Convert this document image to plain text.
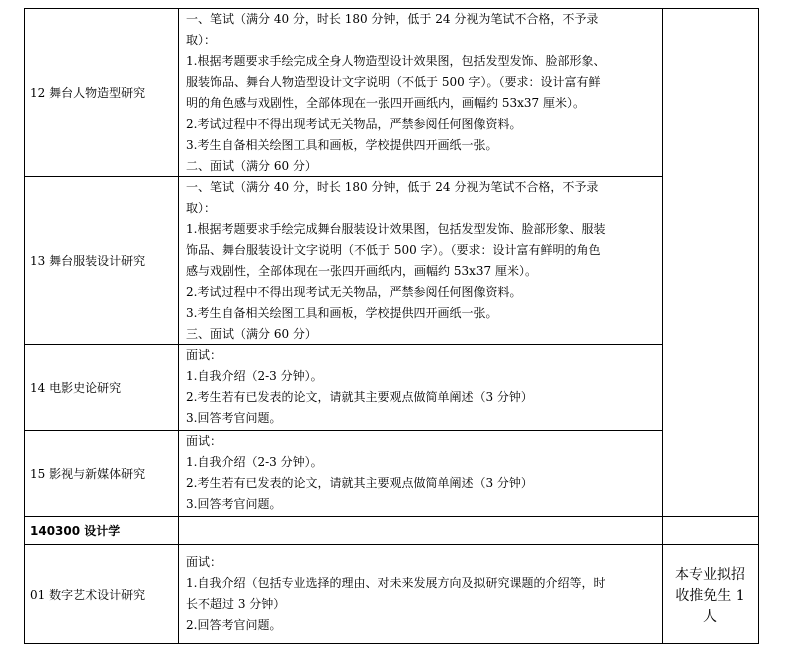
12 舞台人物造型研究
一、笔试（满分 40 分，时长 180 分钟，低于 24 分视为笔试不合格，不予录
取）：
1.根据考题要求手绘完成全身人物造型设计效果图，包括发型发饰、脸部形象、
服装饰品、舞台人物造型设计文字说明（不低于 500 字）。（要求：设计富有鲜
明的角色感与戏剧性，全部体现在一张四开画纸内，画幅约 53x37 厘米）。
2.考试过程中不得出现考试无关物品，严禁参阅任何图像资料。
3.考生自备相关绘图工具和画板，学校提供四开画纸一张。
二、面试（满分 60 分）
13 舞台服装设计研究
一、笔试（满分 40 分，时长 180 分钟，低于 24 分视为笔试不合格，不予录
取）：
1.根据考题要求手绘完成舞台服装设计效果图，包括发型发饰、脸部形象、服装
饰品、舞台服装设计文字说明（不低于 500 字）。（要求：设计富有鲜明的角色
感与戏剧性，全部体现在一张四开画纸内，画幅约 53x37 厘米）。
2.考试过程中不得出现考试无关物品，严禁参阅任何图像资料。
3.考生自备相关绘图工具和画板，学校提供四开画纸一张。
三、面试（满分 60 分）
14 电影史论研究
面试：
1.自我介绍（2-3 分钟）。
2.考生若有已发表的论文，请就其主要观点做简单阐述（3 分钟）
3.回答考官问题。
15 影视与新媒体研究
面试：
1.自我介绍（2-3 分钟）。
2.考生若有已发表的论文，请就其主要观点做简单阐述（3 分钟）
3.回答考官问题。
140300 设计学
01 数字艺术设计研究
面试：
1.自我介绍（包括专业选择的理由、对未来发展方向及拟研究课题的介绍等，时
长不超过 3 分钟）
2.回答考官问题。
本专业拟招
收推免生 1
人
